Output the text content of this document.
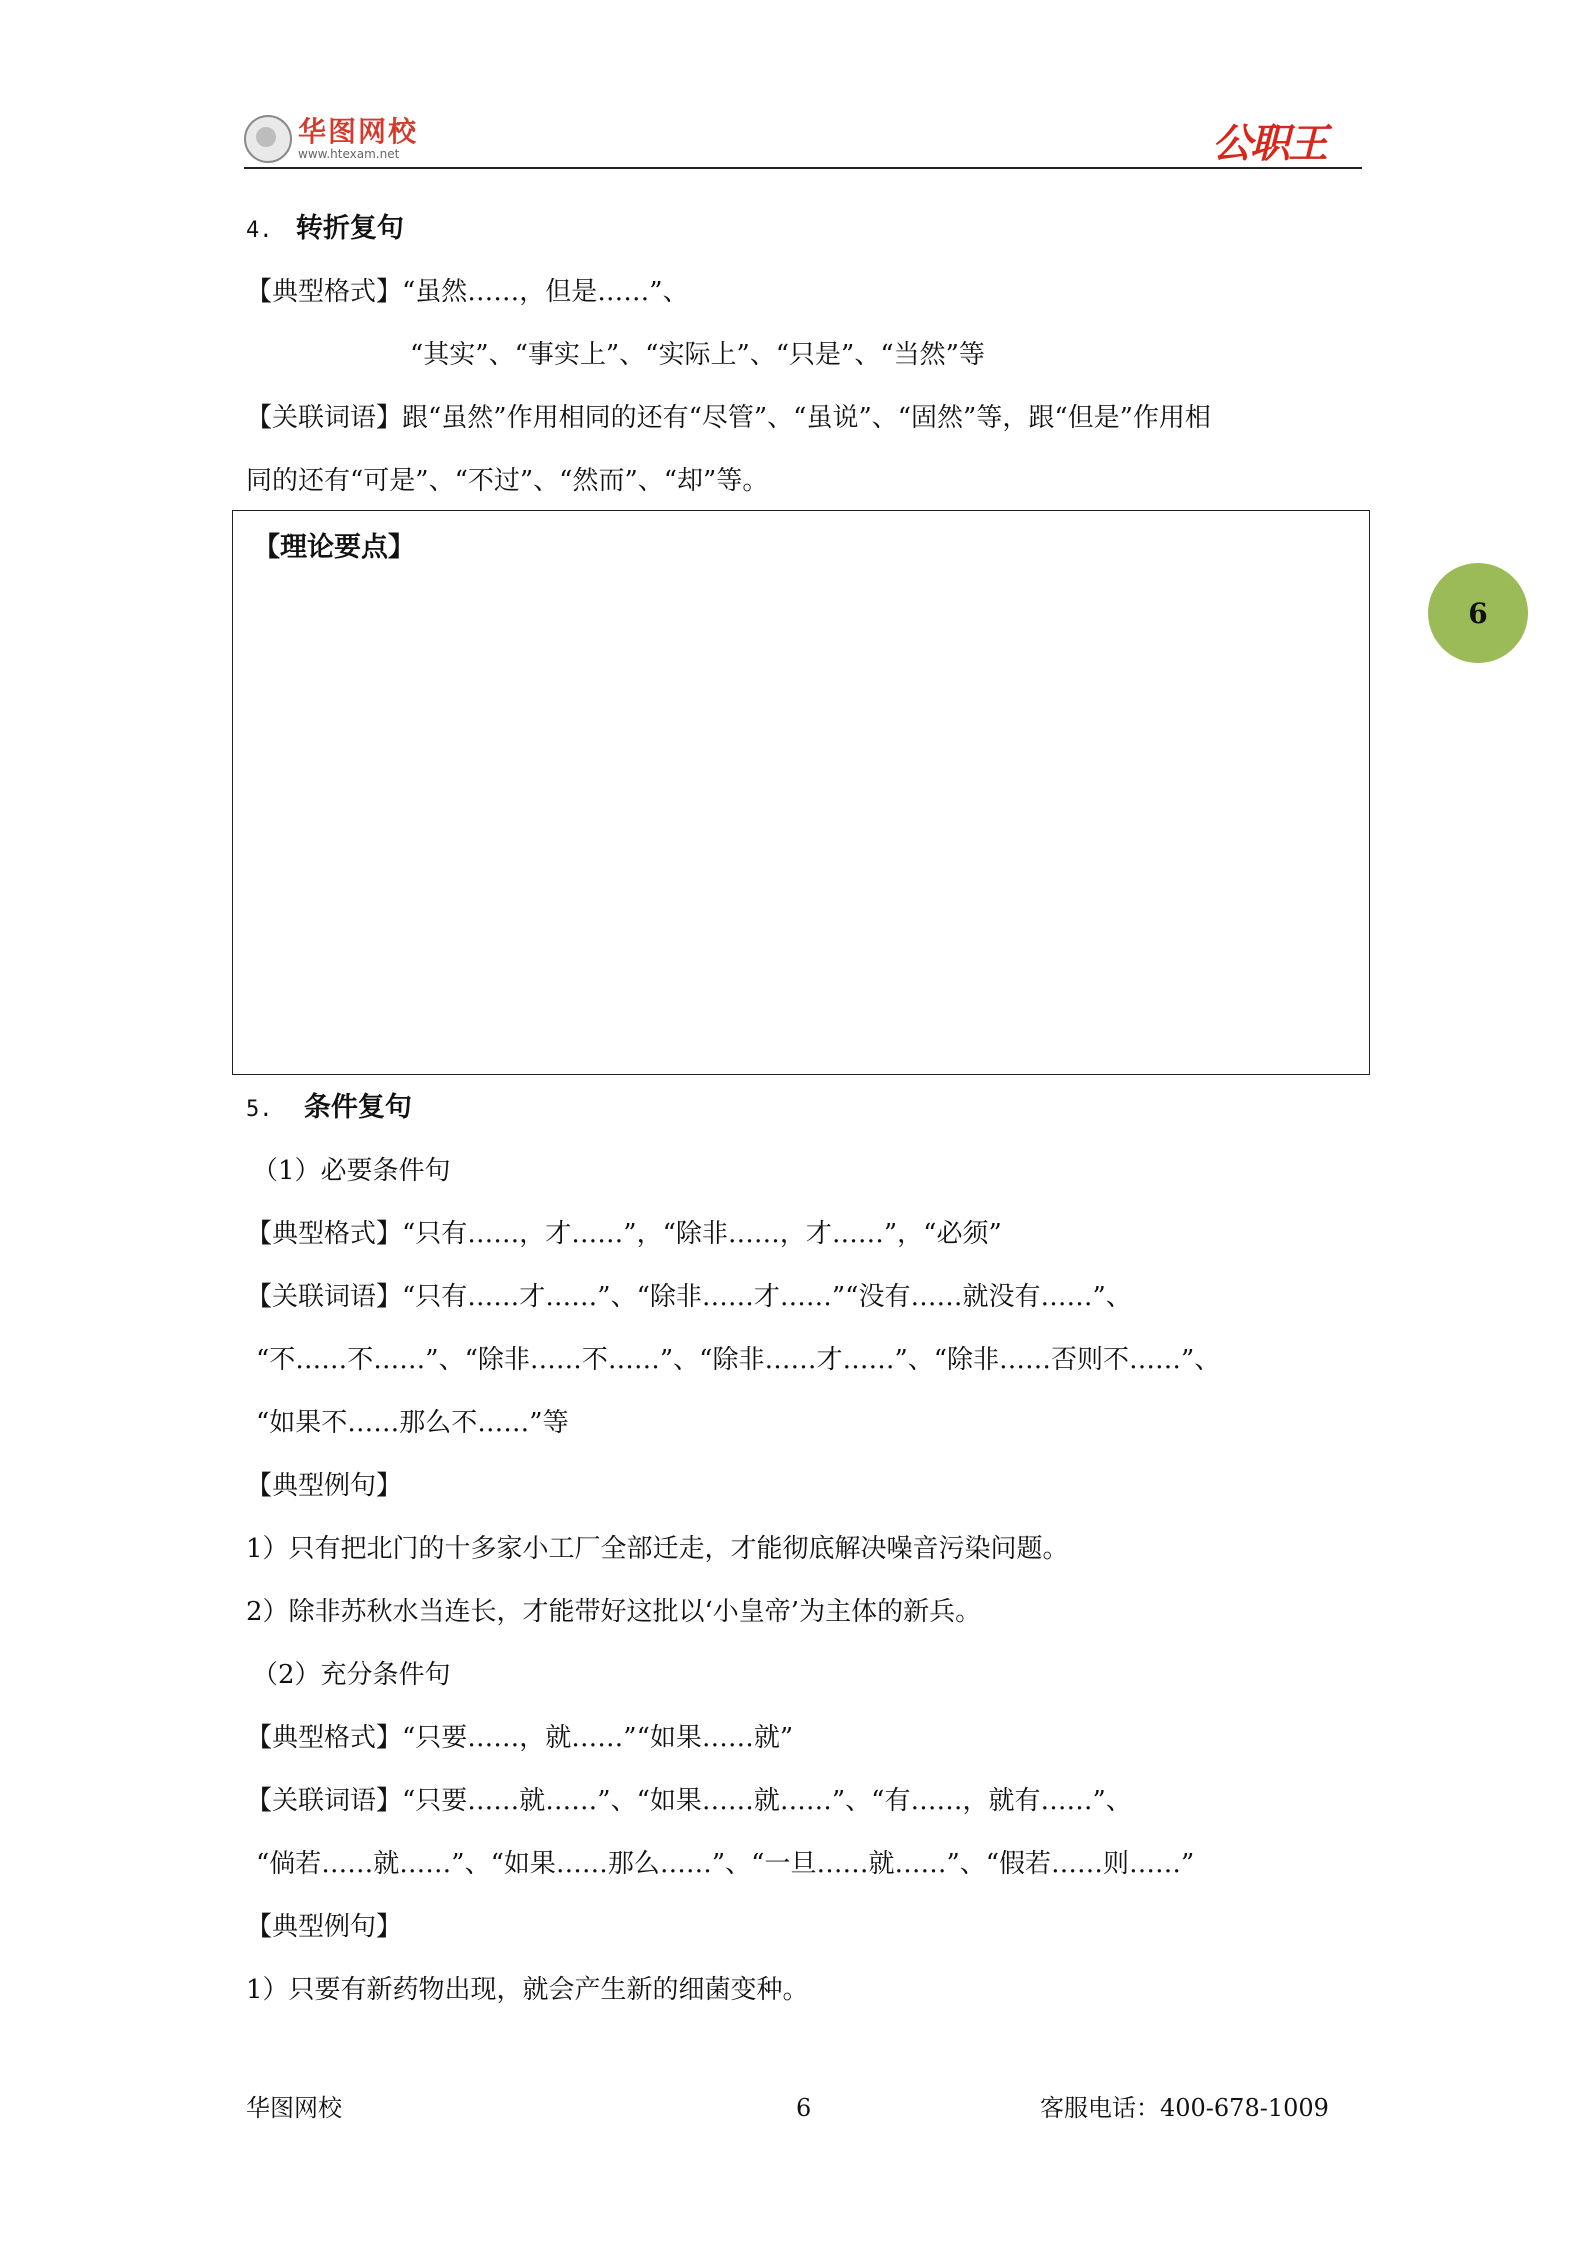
华图网校
www.htexam.net	公职王
6
4. 转折复句
【典型格式】“虽然……，但是……”、
“其实”、“事实上”、“实际上”、“只是”、“当然”等
【关联词语】跟“虽然”作用相同的还有“尽管”、“虽说”、“固然”等，跟“但是”作用相
同的还有“可是”、“不过”、“然而”、“却”等。
【理论要点】
5. 条件复句
（1）必要条件句
【典型格式】“只有……，才……”，“除非……，才……”，“必须”
【关联词语】“只有……才……”、“除非……才……”“没有……就没有……”、
“不……不……”、“除非……不……”、“除非……才……”、“除非……否则不……”、
“如果不……那么不……”等
【典型例句】
1）只有把北门的十多家小工厂全部迁走，才能彻底解决噪音污染问题。
2）除非苏秋水当连长，才能带好这批以‘小皇帝’为主体的新兵。
（2）充分条件句
【典型格式】“只要……，就……”“如果……就”
【关联词语】“只要……就……”、“如果……就……”、“有……，就有……”、
“倘若……就……”、“如果……那么……”、“一旦……就……”、“假若……则……”
【典型例句】
1）只要有新药物出现，就会产生新的细菌变种。
华图网校	6	客服电话：400-678-1009
